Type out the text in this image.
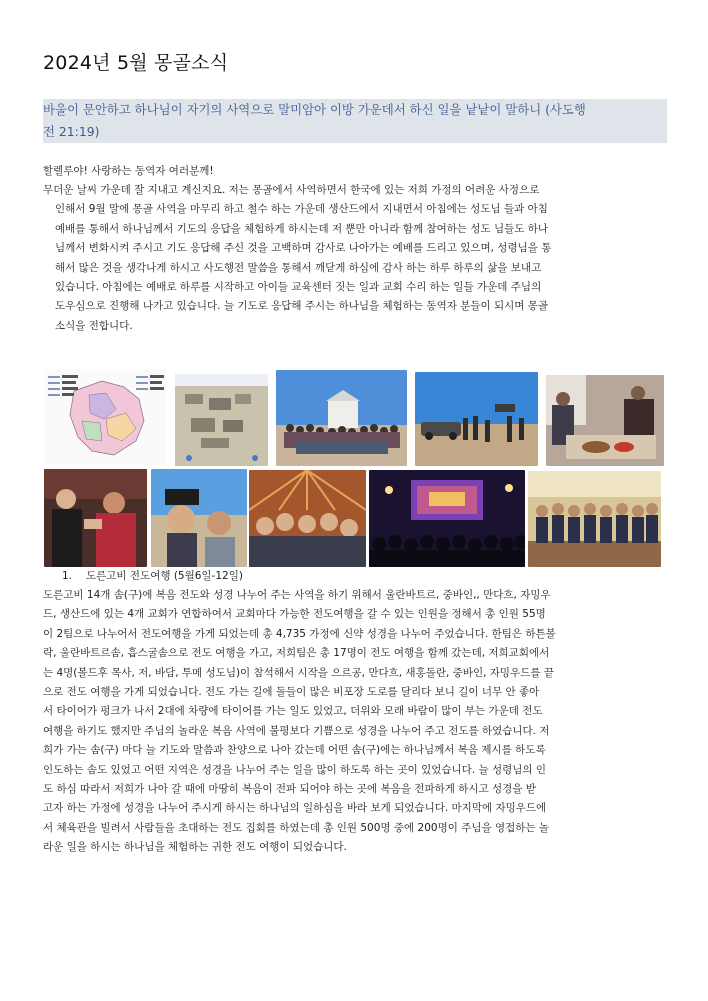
2024년 5월 몽골소식
바울이 문안하고 하나님이 자기의 사역으로 말미암아 이방 가운데서 하신 일을 낱낱이 말하니 (사도행
전 21:19)
할렐루야! 사랑하는 동역자 여러분께!
무더운 날씨 가운데 잘 지내고 계신지요. 저는 몽골에서 사역하면서 한국에 있는 저희 가정의 어려운 사정으로
인해서 9월 말에 몽골 사역을 마무리 하고 철수 하는 가운데 생산드에서 지내면서 아침에는 성도님 들과 아침
예배를 통해서 하나님께서 기도의 응답을 체험하게 하시는데 저 뿐만 아니라 함께 참여하는 성도 님들도 하나
님께서 변화시켜 주시고 기도 응답해 주신 것을 고백하며 감사로 나아가는 예배를 드리고 있으며, 성령님을 통
해서 많은 것을 생각나게 하시고 사도행전 말씀을 통해서 깨닫게 하심에 감사 하는 하루 하루의 삶을 보내고
있습니다. 아침에는 예배로 하루를 시작하고 아이들 교육센터 짓는 일과 교회 수리 하는 일들 가운데 주님의
도우심으로 진행해 나가고 있습니다. 늘 기도로 응답해 주시는 하나님을 체험하는 동역자 분들이 되시며 몽골
소식을 전합니다.
1. 도른고비 전도여행 (5월6일-12일)
도른고비 14개 솜(구)에 복음 전도와 성경 나누어 주는 사역을 하기 위해서 울란바트르, 중바인,, 만다흐, 자밍우
드, 생산드에 있는 4개 교회가 연합하여서 교회마다 가능한 전도여행을 갈 수 있는 인원을 정해서 총 인원 55명
이 2팀으로 나누어서 전도여행을 가게 되었는데 총 4,735 가정에 신약 성경을 나누어 주었습니다. 한팀은 하튼볼
락, 울란바트르솜, 흡스굴솜으로 전도 여행을 가고, 저희팀은 총 17명이 전도 여행을 함께 갔는데, 저희교회에서
는 4명(볼드후 목사, 저, 바담, 투메 성도님)이 참석해서 시작을 으르공, 만다흐, 새홍돌란, 중바인, 자밍우드를 끝
으로 전도 여행을 가게 되었습니다. 전도 가는 길에 돌들이 많은 비포장 도로를 달리다 보니 길이 너무 안 좋아
서 타이어가 펑크가 나서 2대에 차량에 타이어를 가는 일도 있었고, 더위와 모래 바람이 많이 부는 가운데 전도
여행을 하기도 했지만 주님의 놀라운 복음 사역에 불평보다 기쁨으로 성경을 나누어 주고 전도를 하였습니다. 저
희가 가는 솜(구) 마다 늘 기도와 말씀과 찬양으로 나아 갔는데 어떤 솜(구)에는 하나님께서 복음 제시를 하도록
인도하는 솜도 있었고 어떤 지역은 성경을 나누어 주는 일을 많이 하도록 하는 곳이 있었습니다. 늘 성령님의 인
도 하심 따라서 저희가 나아 갈 때에 마땅히 복음이 전파 되어야 하는 곳에 복음을 전파하게 하시고 성경을 받
고자 하는 가정에 성경을 나누어 주시게 하시는 하나님의 일하심을 바라 보게 되었습니다. 마지막에 자밍우드에
서 체육관을 빌려서 사람들을 초대하는 전도 집회를 하였는데 총 인원 500명 중에 200명이 주님을 영접하는 놀
라운 일을 하시는 하나님을 체험하는 귀한 전도 여행이 되었습니다.
